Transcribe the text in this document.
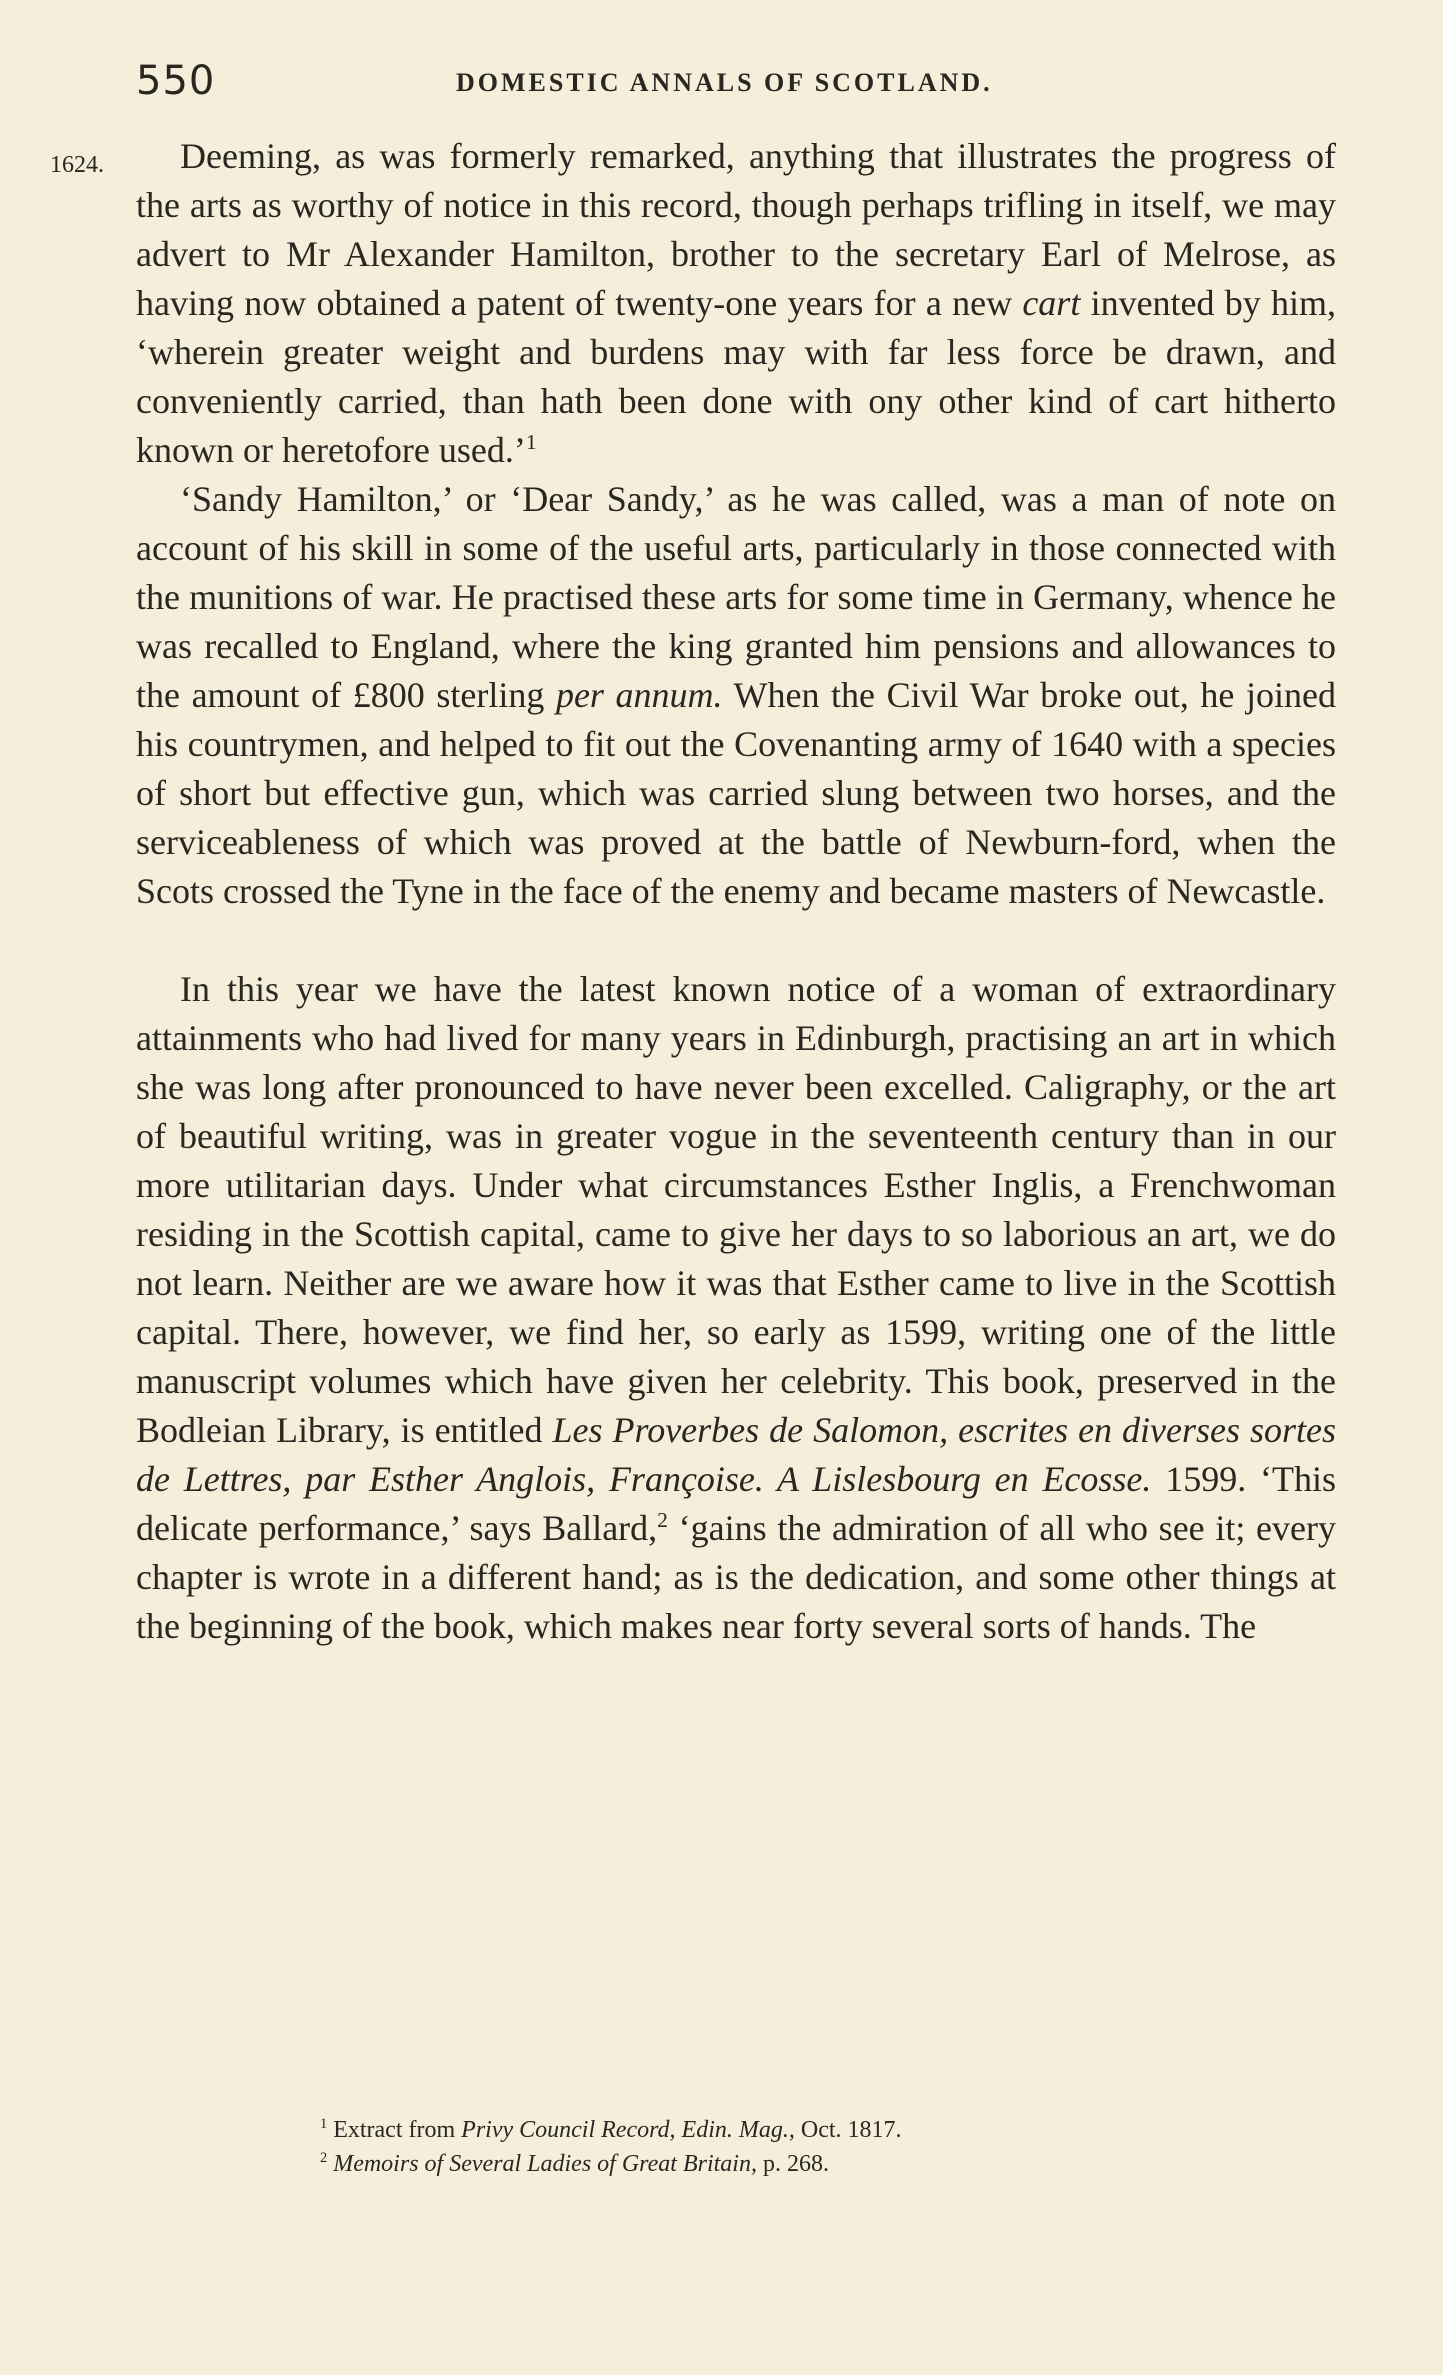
550	DOMESTIC ANNALS OF SCOTLAND.
1624.	Deeming, as was formerly remarked, anything that illustrates the progress of the arts as worthy of notice in this record, though perhaps trifling in itself, we may advert to Mr Alexander Hamilton, brother to the secretary Earl of Melrose, as having now obtained a patent of twenty-one years for a new cart invented by him, ‘wherein greater weight and burdens may with far less force be drawn, and conveniently carried, than hath been done with ony other kind of cart hitherto known or heretofore used.’$^1$

‘Sandy Hamilton,’ or ‘Dear Sandy,’ as he was called, was a man of note on account of his skill in some of the useful arts, particularly in those connected with the munitions of war. He practised these arts for some time in Germany, whence he was recalled to England, where the king granted him pensions and allowances to the amount of £800 sterling per annum. When the Civil War broke out, he joined his countrymen, and helped to fit out the Covenanting army of 1640 with a species of short but effective gun, which was carried slung between two horses, and the serviceableness of which was proved at the battle of Newburn-ford, when the Scots crossed the Tyne in the face of the enemy and became masters of Newcastle.

In this year we have the latest known notice of a woman of extraordinary attainments who had lived for many years in Edinburgh, practising an art in which she was long after pronounced to have never been excelled. Caligraphy, or the art of beautiful writing, was in greater vogue in the seventeenth century than in our more utilitarian days. Under what circumstances Esther Inglis, a Frenchwoman residing in the Scottish capital, came to give her days to so laborious an art, we do not learn. Neither are we aware how it was that Esther came to live in the Scottish capital. There, however, we find her, so early as 1599, writing one of the little manuscript volumes which have given her celebrity. This book, preserved in the Bodleian Library, is entitled Les Proverbes de Salomon, escrites en diverses sortes de Lettres, par Esther Anglois, Françoise. A Lislesbourg en Ecosse. 1599. ‘This delicate performance,’ says Ballard,$^2$ ‘gains the admiration of all who see it; every chapter is wrote in a different hand; as is the dedication, and some other things at the beginning of the book, which makes near forty several sorts of hands. The

$^1$ Extract from Privy Council Record, Edin. Mag., Oct. 1817.
$^2$ Memoirs of Several Ladies of Great Britain, p. 268.
